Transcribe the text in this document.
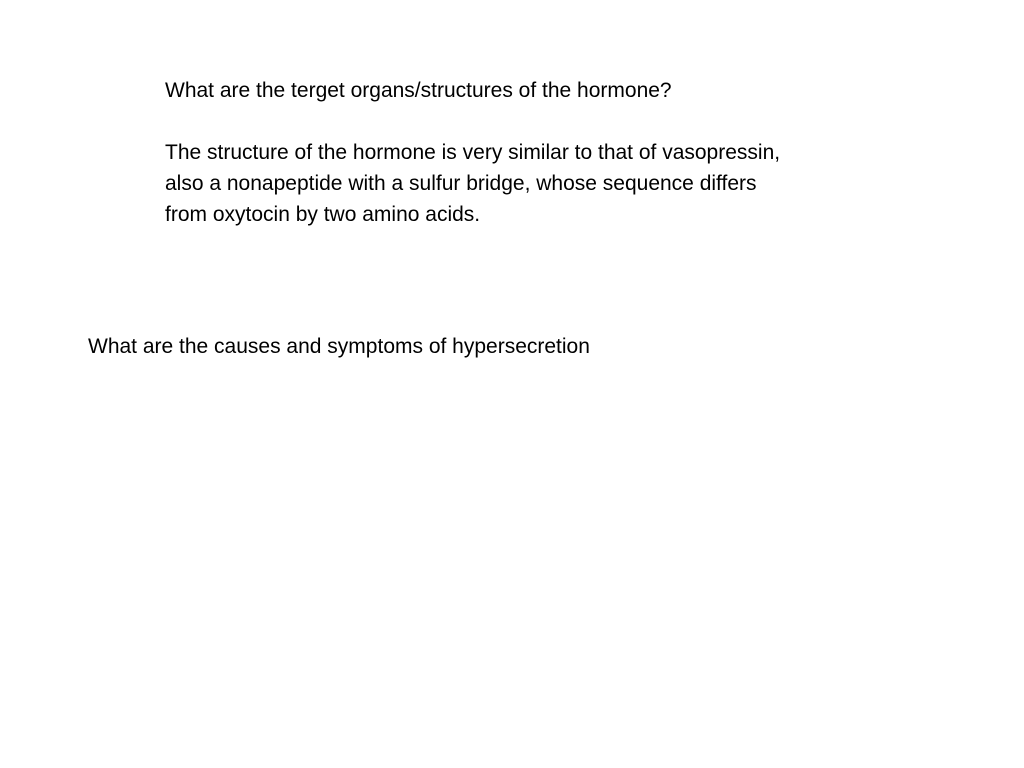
What are the terget organs/structures of the hormone?
The structure of the hormone is very similar to that of vasopressin,
also a nonapeptide with a sulfur bridge, whose sequence differs
from oxytocin by two amino acids.
What are the causes and symptoms of hypersecretion
